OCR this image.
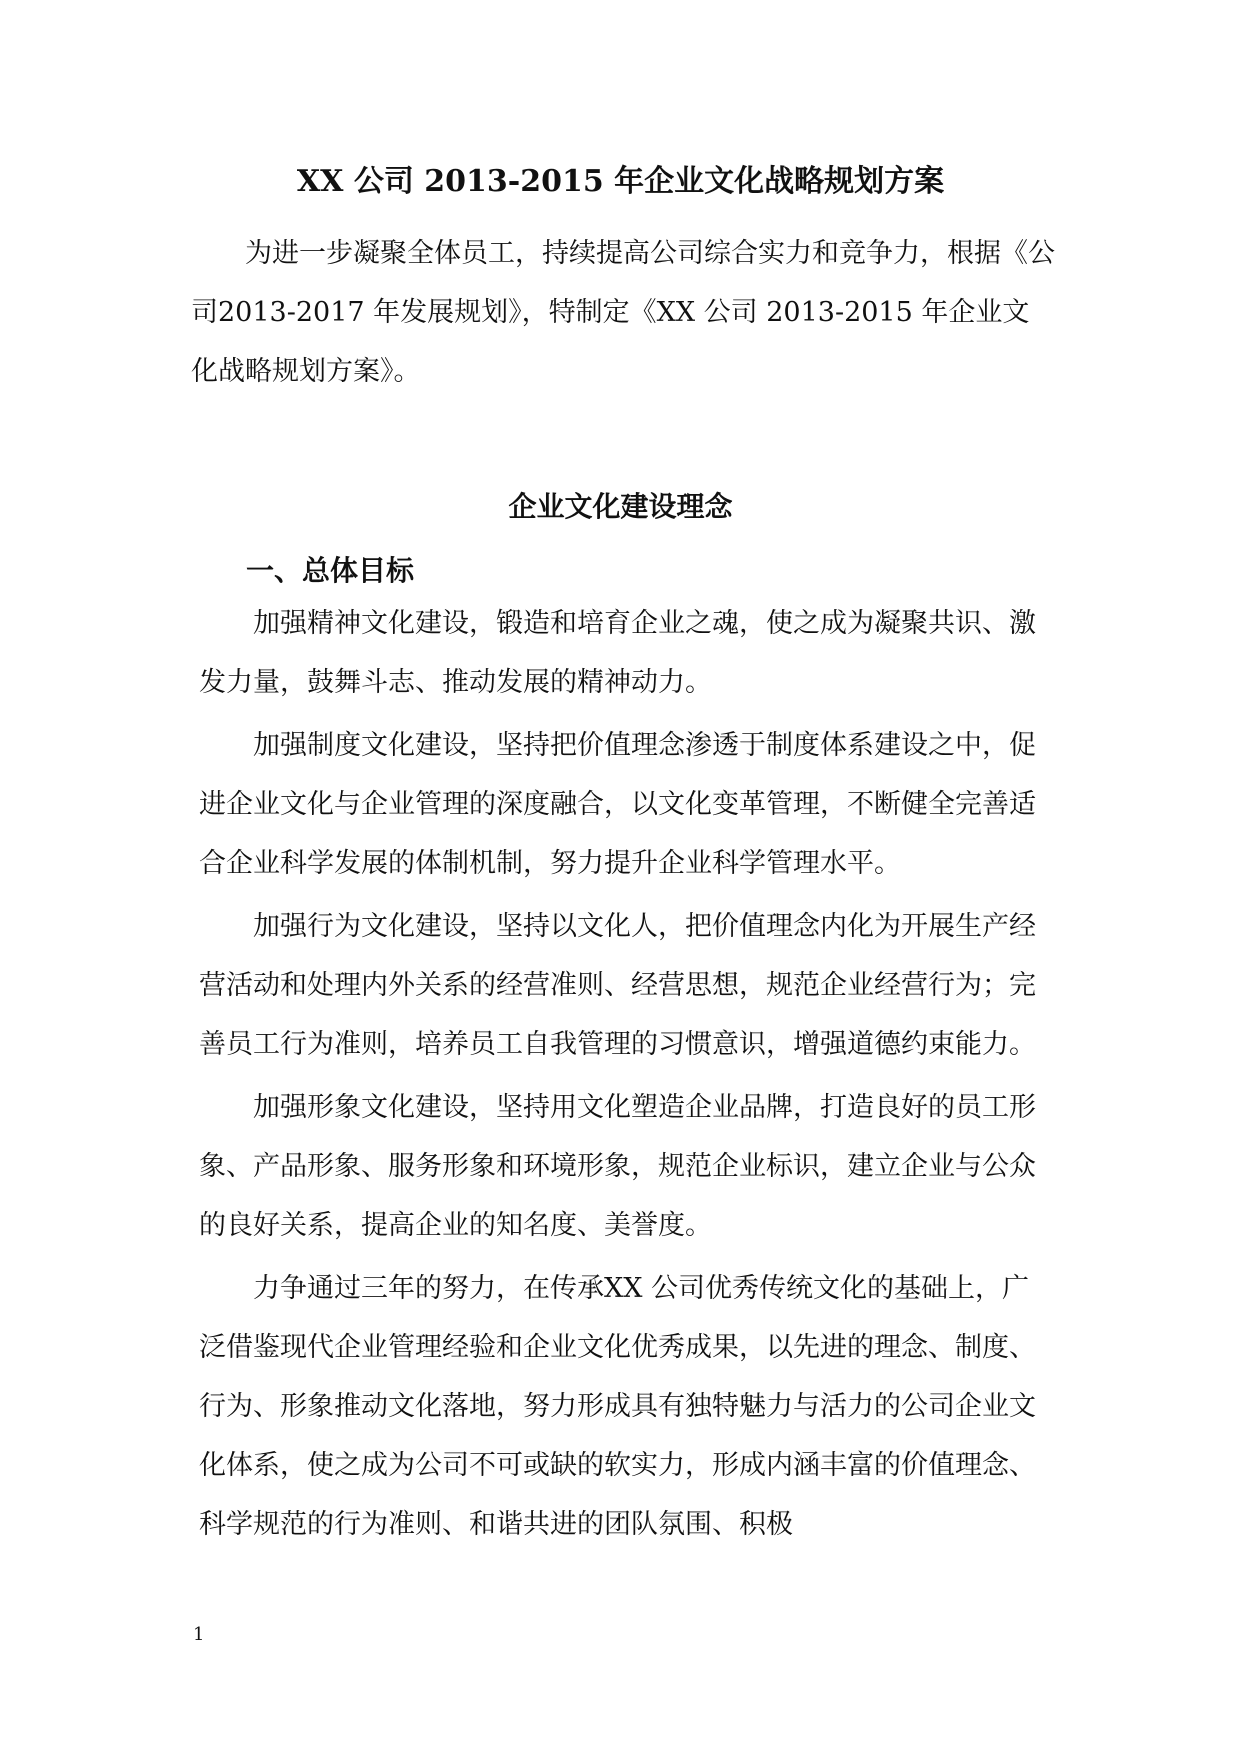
XX 公司 2013-2015 年企业文化战略规划方案

为进一步凝聚全体员工，持续提高公司综合实力和竞争力，根据《公司2013-2017 年发展规划》，特制定《XX 公司 2013-2015 年企业文化战略规划方案》。

企业文化建设理念
一、总体目标

加强精神文化建设，锻造和培育企业之魂，使之成为凝聚共识、激发力量，鼓舞斗志、推动发展的精神动力。

加强制度文化建设，坚持把价值理念渗透于制度体系建设之中，促进企业文化与企业管理的深度融合，以文化变革管理，不断健全完善适合企业科学发展的体制机制，努力提升企业科学管理水平。

加强行为文化建设，坚持以文化人，把价值理念内化为开展生产经营活动和处理内外关系的经营准则、经营思想，规范企业经营行为；完善员工行为准则，培养员工自我管理的习惯意识，增强道德约束能力。

加强形象文化建设，坚持用文化塑造企业品牌，打造良好的员工形象、产品形象、服务形象和环境形象，规范企业标识，建立企业与公众的良好关系，提高企业的知名度、美誉度。

力争通过三年的努力，在传承XX 公司优秀传统文化的基础上，广泛借鉴现代企业管理经验和企业文化优秀成果，以先进的理念、制度、行为、形象推动文化落地，努力形成具有独特魅力与活力的公司企业文化体系，使之成为公司不可或缺的软实力，形成内涵丰富的价值理念、科学规范的行为准则、和谐共进的团队氛围、积极

1
